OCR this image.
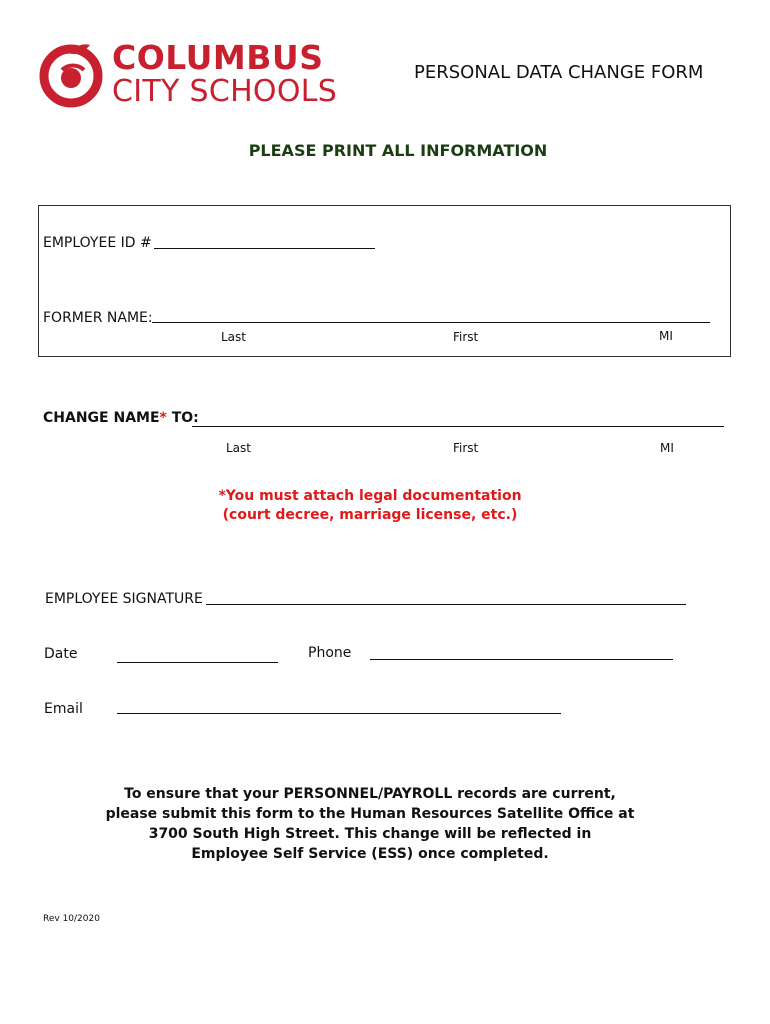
COLUMBUS
CITY SCHOOLS
PERSONAL DATA CHANGE FORM
PLEASE PRINT ALL INFORMATION
EMPLOYEE ID #
FORMER NAME:
Last	First	MI
CHANGE NAME* TO:
Last	First	MI
*You must attach legal documentation
(court decree, marriage license, etc.)
EMPLOYEE SIGNATURE
Date	Phone
Email
To ensure that your PERSONNEL/PAYROLL records are current,
please submit this form to the Human Resources Satellite Office at
3700 South High Street. This change will be reflected in
Employee Self Service (ESS) once completed.
Rev 10/2020
